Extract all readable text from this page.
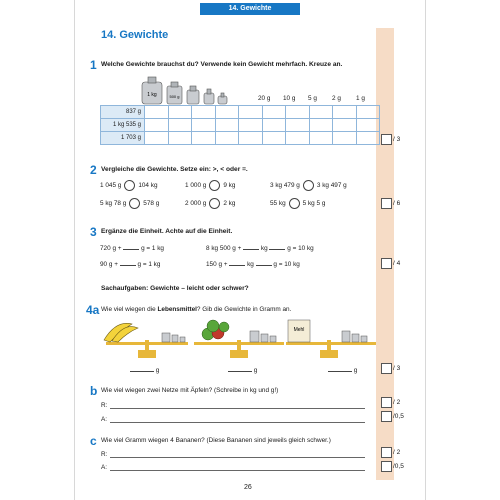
14. Gewichte
14. Gewichte
1 Welche Gewichte brauchst du? Verwende kein Gewicht mehrfach. Kreuze an.
1 kg	500 g	20 g 10 g 5 g 2 g 1 g
837 g										
1 kg 535 g										
1 703 g											/ 3
2 Vergleiche die Gewichte. Setze ein: >, < oder =.
1 045 g	104 kg	1 000 g	9 kg	3 kg 479 g	3 kg 497 g
5 kg 78 g	578 g	2 000 g	2 kg	55 kg	5 kg 5 g	/ 6
3 Ergänze die Einheit. Achte auf die Einheit.
720 g +	g = 1 kg	8 kg 500 g +	kg	g = 10 kg
90 g +	g = 1 kg	150 g +	kg	g = 10 kg	/ 4
Sachaufgaben: Gewichte – leicht oder schwer?
4a Wie viel wiegen die Lebensmittel? Gib die Gewichte in Gramm an.
Mehl
g	g	g	/ 3
b Wie viel wiegen zwei Netze mit Äpfeln? (Schreibe in kg und g!)
R:
A:
/ 2
/0,5
c Wie viel Gramm wiegen 4 Bananen? (Diese Bananen sind jeweils gleich schwer.)
R:
A:
/ 2
/0,5
26
